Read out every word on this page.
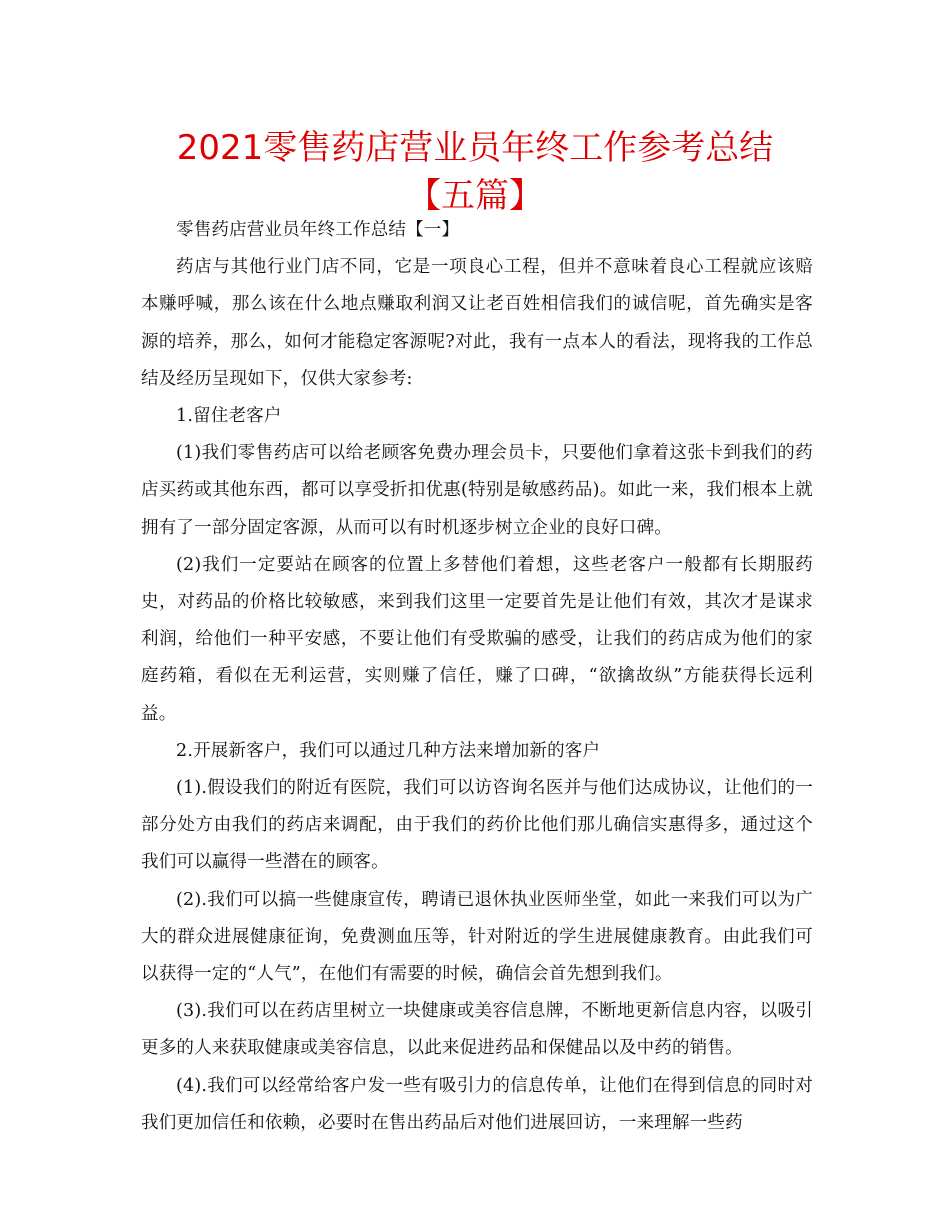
2021零售药店营业员年终工作参考总结【五篇】

零售药店营业员年终工作总结【一】

药店与其他行业门店不同，它是一项良心工程，但并不意味着良心工程就应该赔本赚呼喊，那么该在什么地点赚取利润又让老百姓相信我们的诚信呢，首先确实是客源的培养，那么，如何才能稳定客源呢?对此，我有一点本人的看法，现将我的工作总结及经历呈现如下，仅供大家参考:

1.留住老客户

(1)我们零售药店可以给老顾客免费办理会员卡，只要他们拿着这张卡到我们的药店买药或其他东西，都可以享受折扣优惠(特别是敏感药品)。如此一来，我们根本上就拥有了一部分固定客源，从而可以有时机逐步树立企业的良好口碑。

(2)我们一定要站在顾客的位置上多替他们着想，这些老客户一般都有长期服药史，对药品的价格比较敏感，来到我们这里一定要首先是让他们有效，其次才是谋求利润，给他们一种平安感，不要让他们有受欺骗的感受，让我们的药店成为他们的家庭药箱，看似在无利运营，实则赚了信任，赚了口碑，“欲擒故纵”方能获得长远利益。

2.开展新客户，我们可以通过几种方法来增加新的客户

(1).假设我们的附近有医院，我们可以访咨询名医并与他们达成协议，让他们的一部分处方由我们的药店来调配，由于我们的药价比他们那儿确信实惠得多，通过这个我们可以赢得一些潜在的顾客。

(2).我们可以搞一些健康宣传，聘请已退休执业医师坐堂，如此一来我们可以为广大的群众进展健康征询，免费测血压等，针对附近的学生进展健康教育。由此我们可以获得一定的“人气”，在他们有需要的时候，确信会首先想到我们。

(3).我们可以在药店里树立一块健康或美容信息牌，不断地更新信息内容，以吸引更多的人来获取健康或美容信息，以此来促进药品和保健品以及中药的销售。

(4).我们可以经常给客户发一些有吸引力的信息传单，让他们在得到信息的同时对我们更加信任和依赖，必要时在售出药品后对他们进展回访，一来理解一些药
